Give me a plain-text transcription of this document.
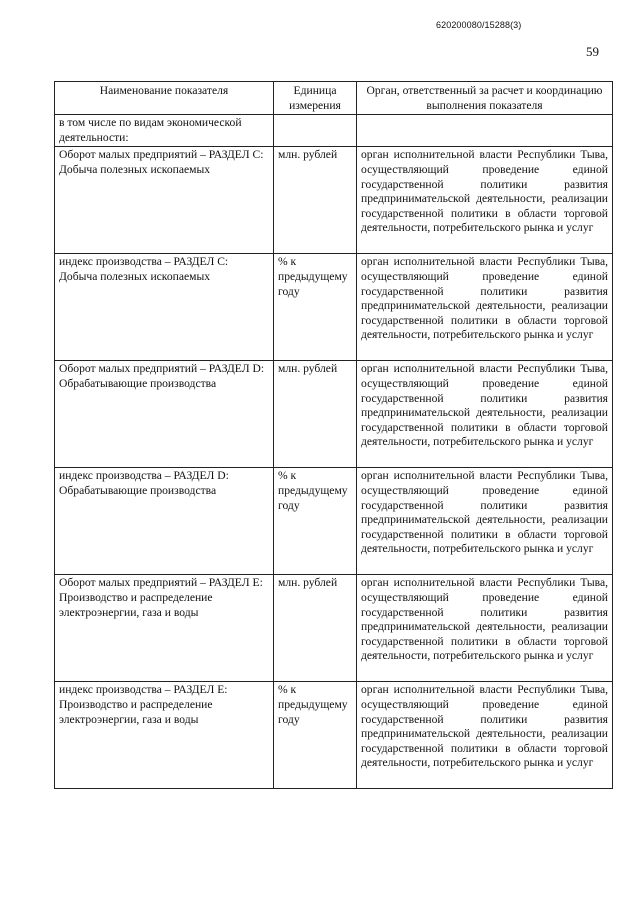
620200080/15288(3)
59
Наименование показателя	Единица измерения	Орган, ответственный за расчет и координацию выполнения показателя
в том числе по видам экономической деятельности:		
Оборот малых предприятий – РАЗДЕЛ С: Добыча полезных ископаемых	млн. рублей	орган исполнительной власти Республики Тыва, осуществляющий проведение единой государственной политики развития предпринимательской деятельности, реализации государственной политики в области торговой деятельности, потребительского рынка и услуг
индекс производства – РАЗДЕЛ С: Добыча полезных ископаемых	% к предыдущему году	орган исполнительной власти Республики Тыва, осуществляющий проведение единой государственной политики развития предпринимательской деятельности, реализации государственной политики в области торговой деятельности, потребительского рынка и услуг
Оборот малых предприятий – РАЗДЕЛ D: Обрабатывающие производства	млн. рублей	орган исполнительной власти Республики Тыва, осуществляющий проведение единой государственной политики развития предпринимательской деятельности, реализации государственной политики в области торговой деятельности, потребительского рынка и услуг
индекс производства – РАЗДЕЛ D: Обрабатывающие производства	% к предыдущему году	орган исполнительной власти Республики Тыва, осуществляющий проведение единой государственной политики развития предпринимательской деятельности, реализации государственной политики в области торговой деятельности, потребительского рынка и услуг
Оборот малых предприятий – РАЗДЕЛ Е: Производство и распределение электроэнергии, газа и воды	млн. рублей	орган исполнительной власти Республики Тыва, осуществляющий проведение единой государственной политики развития предпринимательской деятельности, реализации государственной политики в области торговой деятельности, потребительского рынка и услуг
индекс производства – РАЗДЕЛ Е: Производство и распределение электроэнергии, газа и воды	% к предыдущему году	орган исполнительной власти Республики Тыва, осуществляющий проведение единой государственной политики развития предпринимательской деятельности, реализации государственной политики в области торговой деятельности, потребительского рынка и услуг
